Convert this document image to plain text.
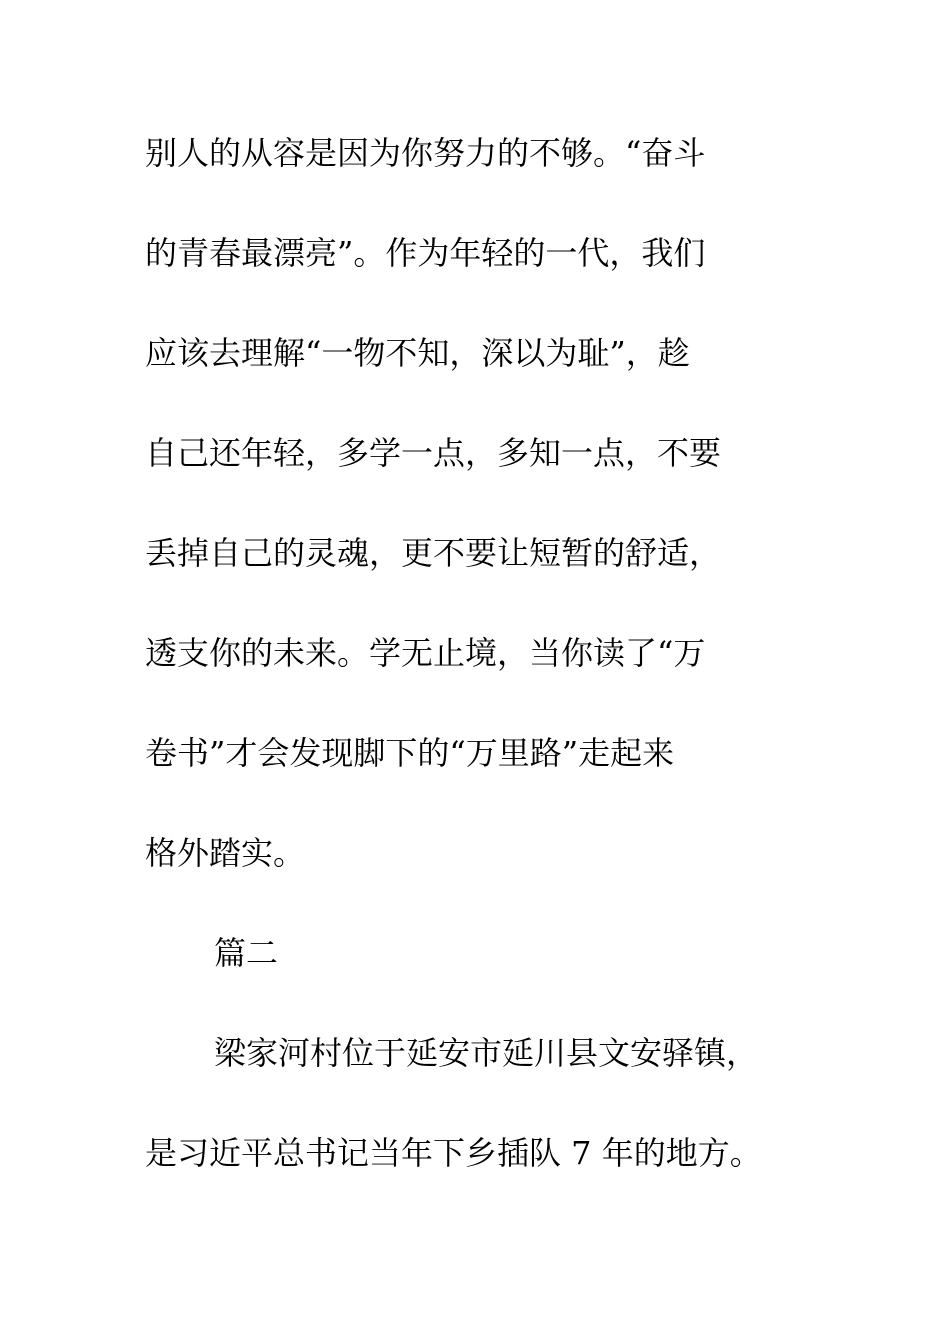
别人的从容是因为你努力的不够。“奋斗
的青春最漂亮”。作为年轻的一代，我们
应该去理解“一物不知，深以为耻”，趁
自己还年轻，多学一点，多知一点，不要
丢掉自己的灵魂，更不要让短暂的舒适，
透支你的未来。学无止境，当你读了“万
卷书”才会发现脚下的“万里路”走起来
格外踏实。
篇二
梁家河村位于延安市延川县文安驿镇，
是习近平总书记当年下乡插队 7 年的地方。
